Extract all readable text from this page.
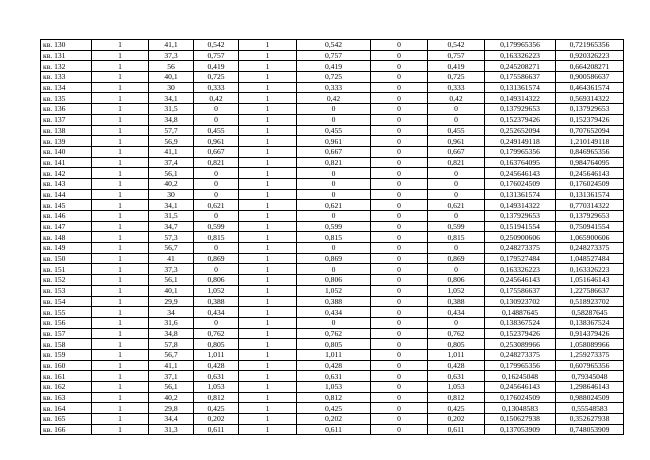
кв. 130	1	41,1	0,542	1	0,542	0	0,542	0,179965356	0,721965356
кв. 131	1	37,3	0,757	1	0,757	0	0,757	0,163326223	0,920326223
кв. 132	1	56	0,419	1	0,419	0	0,419	0,245208271	0,664208271
кв. 133	1	40,1	0,725	1	0,725	0	0,725	0,175586637	0,900586637
кв. 134	1	30	0,333	1	0,333	0	0,333	0,131361574	0,464361574
кв. 135	1	34,1	0,42	1	0,42	0	0,42	0,149314322	0,569314322
кв. 136	1	31,5	0	1	0	0	0	0,137929653	0,137929653
кв. 137	1	34,8	0	1	0	0	0	0,152379426	0,152379426
кв. 138	1	57,7	0,455	1	0,455	0	0,455	0,252652094	0,707652094
кв. 139	1	56,9	0,961	1	0,961	0	0,961	0,249149118	1,210149118
кв. 140	1	41,1	0,667	1	0,667	0	0,667	0,179965356	0,846965356
кв. 141	1	37,4	0,821	1	0,821	0	0,821	0,163764095	0,984764095
кв. 142	1	56,1	0	1	0	0	0	0,245646143	0,245646143
кв. 143	1	40,2	0	1	0	0	0	0,176024509	0,176024509
кв. 144	1	30	0	1	0	0	0	0,131361574	0,131361574
кв. 145	1	34,1	0,621	1	0,621	0	0,621	0,149314322	0,770314322
кв. 146	1	31,5	0	1	0	0	0	0,137929653	0,137929653
кв. 147	1	34,7	0,599	1	0,599	0	0,599	0,151941554	0,750941554
кв. 148	1	57,3	0,815	1	0,815	0	0,815	0,250900606	1,065900606
кв. 149	1	56,7	0	1	0	0	0	0,248273375	0,248273375
кв. 150	1	41	0,869	1	0,869	0	0,869	0,179527484	1,048527484
кв. 151	1	37,3	0	1	0	0	0	0,163326223	0,163326223
кв. 152	1	56,1	0,806	1	0,806	0	0,806	0,245646143	1,051646143
кв. 153	1	40,1	1,052	1	1,052	0	1,052	0,175586637	1,227586637
кв. 154	1	29,9	0,388	1	0,388	0	0,388	0,130923702	0,518923702
кв. 155	1	34	0,434	1	0,434	0	0,434	0,14887645	0,58287645
кв. 156	1	31,6	0	1	0	0	0	0,138367524	0,138367524
кв. 157	1	34,8	0,762	1	0,762	0	0,762	0,152379426	0,914379426
кв. 158	1	57,8	0,805	1	0,805	0	0,805	0,253089966	1,058089966
кв. 159	1	56,7	1,011	1	1,011	0	1,011	0,248273375	1,259273375
кв. 160	1	41,1	0,428	1	0,428	0	0,428	0,179965356	0,607965356
кв. 161	1	37,1	0,631	1	0,631	0	0,631	0,16245048	0,79345048
кв. 162	1	56,1	1,053	1	1,053	0	1,053	0,245646143	1,298646143
кв. 163	1	40,2	0,812	1	0,812	0	0,812	0,176024509	0,988024509
кв. 164	1	29,8	0,425	1	0,425	0	0,425	0,13048583	0,55548583
кв. 165	1	34,4	0,202	1	0,202	0	0,202	0,150627938	0,352627938
кв. 166	1	31,3	0,611	1	0,611	0	0,611	0,137053909	0,748053909
